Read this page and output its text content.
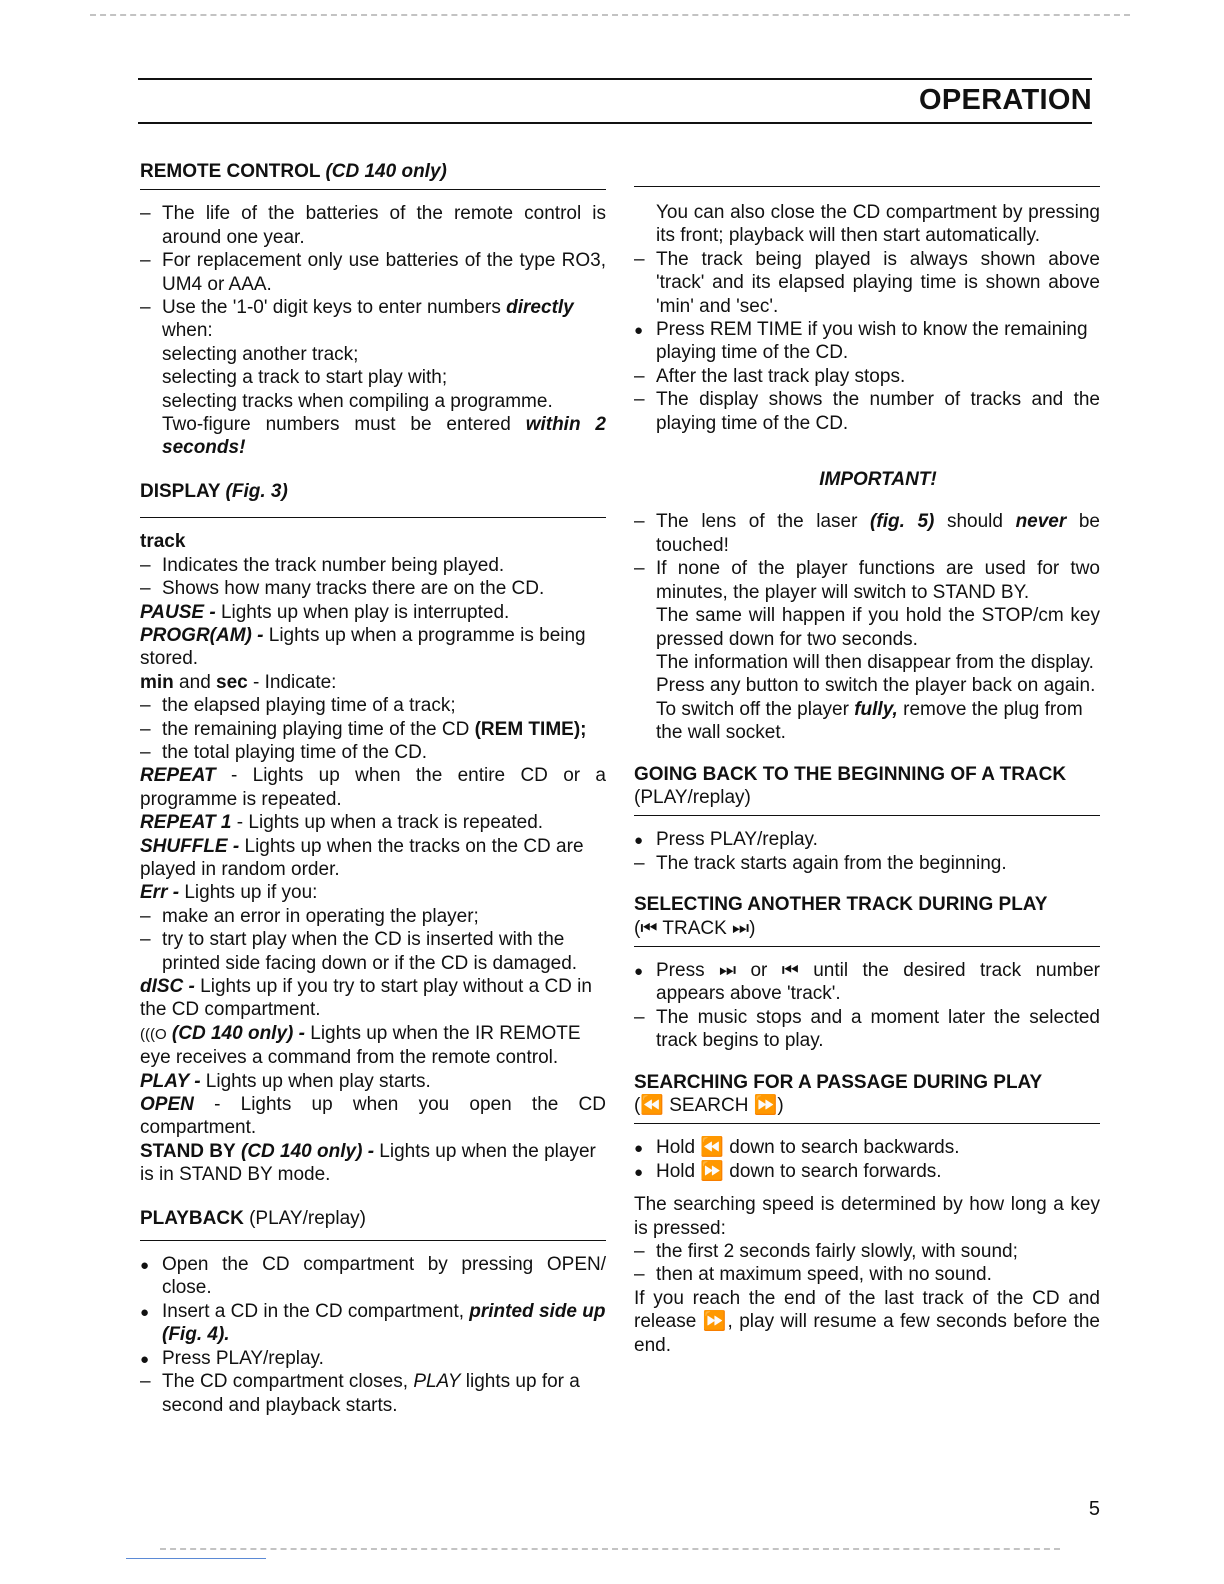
OPERATION
REMOTE CONTROL (CD 140 only)

– The life of the batteries of the remote control is around one year.

– For replacement only use batteries of the type RO3, UM4 or AAA.

– Use the '1-0' digit keys to enter numbers directly
when:

selecting another track;

selecting a track to start play with;

selecting tracks when compiling a programme.

Two-figure numbers must be entered within 2 seconds!

DISPLAY (Fig. 3)

track

– Indicates the track number being played.

– Shows how many tracks there are on the CD.

PAUSE - Lights up when play is interrupted.

PROGR(AM) - Lights up when a programme is being stored.

min and sec - Indicate:

– the elapsed playing time of a track;

– the remaining playing time of the CD (REM TIME);

– the total playing time of the CD.

REPEAT - Lights up when the entire CD or a programme is repeated.

REPEAT 1 - Lights up when a track is repeated.

SHUFFLE - Lights up when the tracks on the CD are played in random order.

Err - Lights up if you:

– make an error in operating the player;

– try to start play when the CD is inserted with the printed side facing down or if the CD is damaged.

dISC - Lights up if you try to start play without a CD in the CD compartment.

(((O (CD 140 only) - Lights up when the IR REMOTE eye receives a command from the remote control.

PLAY - Lights up when play starts.

OPEN - Lights up when you open the CD compartment.

STAND BY (CD 140 only) - Lights up when the player is in STAND BY mode.

PLAYBACK (PLAY/replay)

● Open the CD compartment by pressing OPEN/ close.

● Insert a CD in the CD compartment, printed side up (Fig. 4).

● Press PLAY/replay.

– The CD compartment closes, PLAY lights up for a second and playback starts.

You can also close the CD compartment by pressing its front; playback will then start automatically.

– The track being played is always shown above 'track' and its elapsed playing time is shown above 'min' and 'sec'.

● Press REM TIME if you wish to know the remaining playing time of the CD.

– After the last track play stops.

– The display shows the number of tracks and the playing time of the CD.

IMPORTANT!

– The lens of the laser (fig. 5) should never be touched!

– If none of the player functions are used for two minutes, the player will switch to STAND BY.

The same will happen if you hold the STOP/cm key pressed down for two seconds.

The information will then disappear from the display.

Press any button to switch the player back on again.

To switch off the player fully, remove the plug from the wall socket.

GOING BACK TO THE BEGINNING OF A TRACK
(PLAY/replay)

● Press PLAY/replay.

– The track starts again from the beginning.

SELECTING ANOTHER TRACK DURING PLAY
(⏮ TRACK ⏭)

● Press ⏭ or ⏮ until the desired track number appears above 'track'.

– The music stops and a moment later the selected track begins to play.

SEARCHING FOR A PASSAGE DURING PLAY
(⏪ SEARCH ⏩)

● Hold ⏪ down to search backwards.

● Hold ⏩ down to search forwards.

The searching speed is determined by how long a key is pressed:

– the first 2 seconds fairly slowly, with sound;

– then at maximum speed, with no sound.

If you reach the end of the last track of the CD and release ⏩, play will resume a few seconds before the end.

5
